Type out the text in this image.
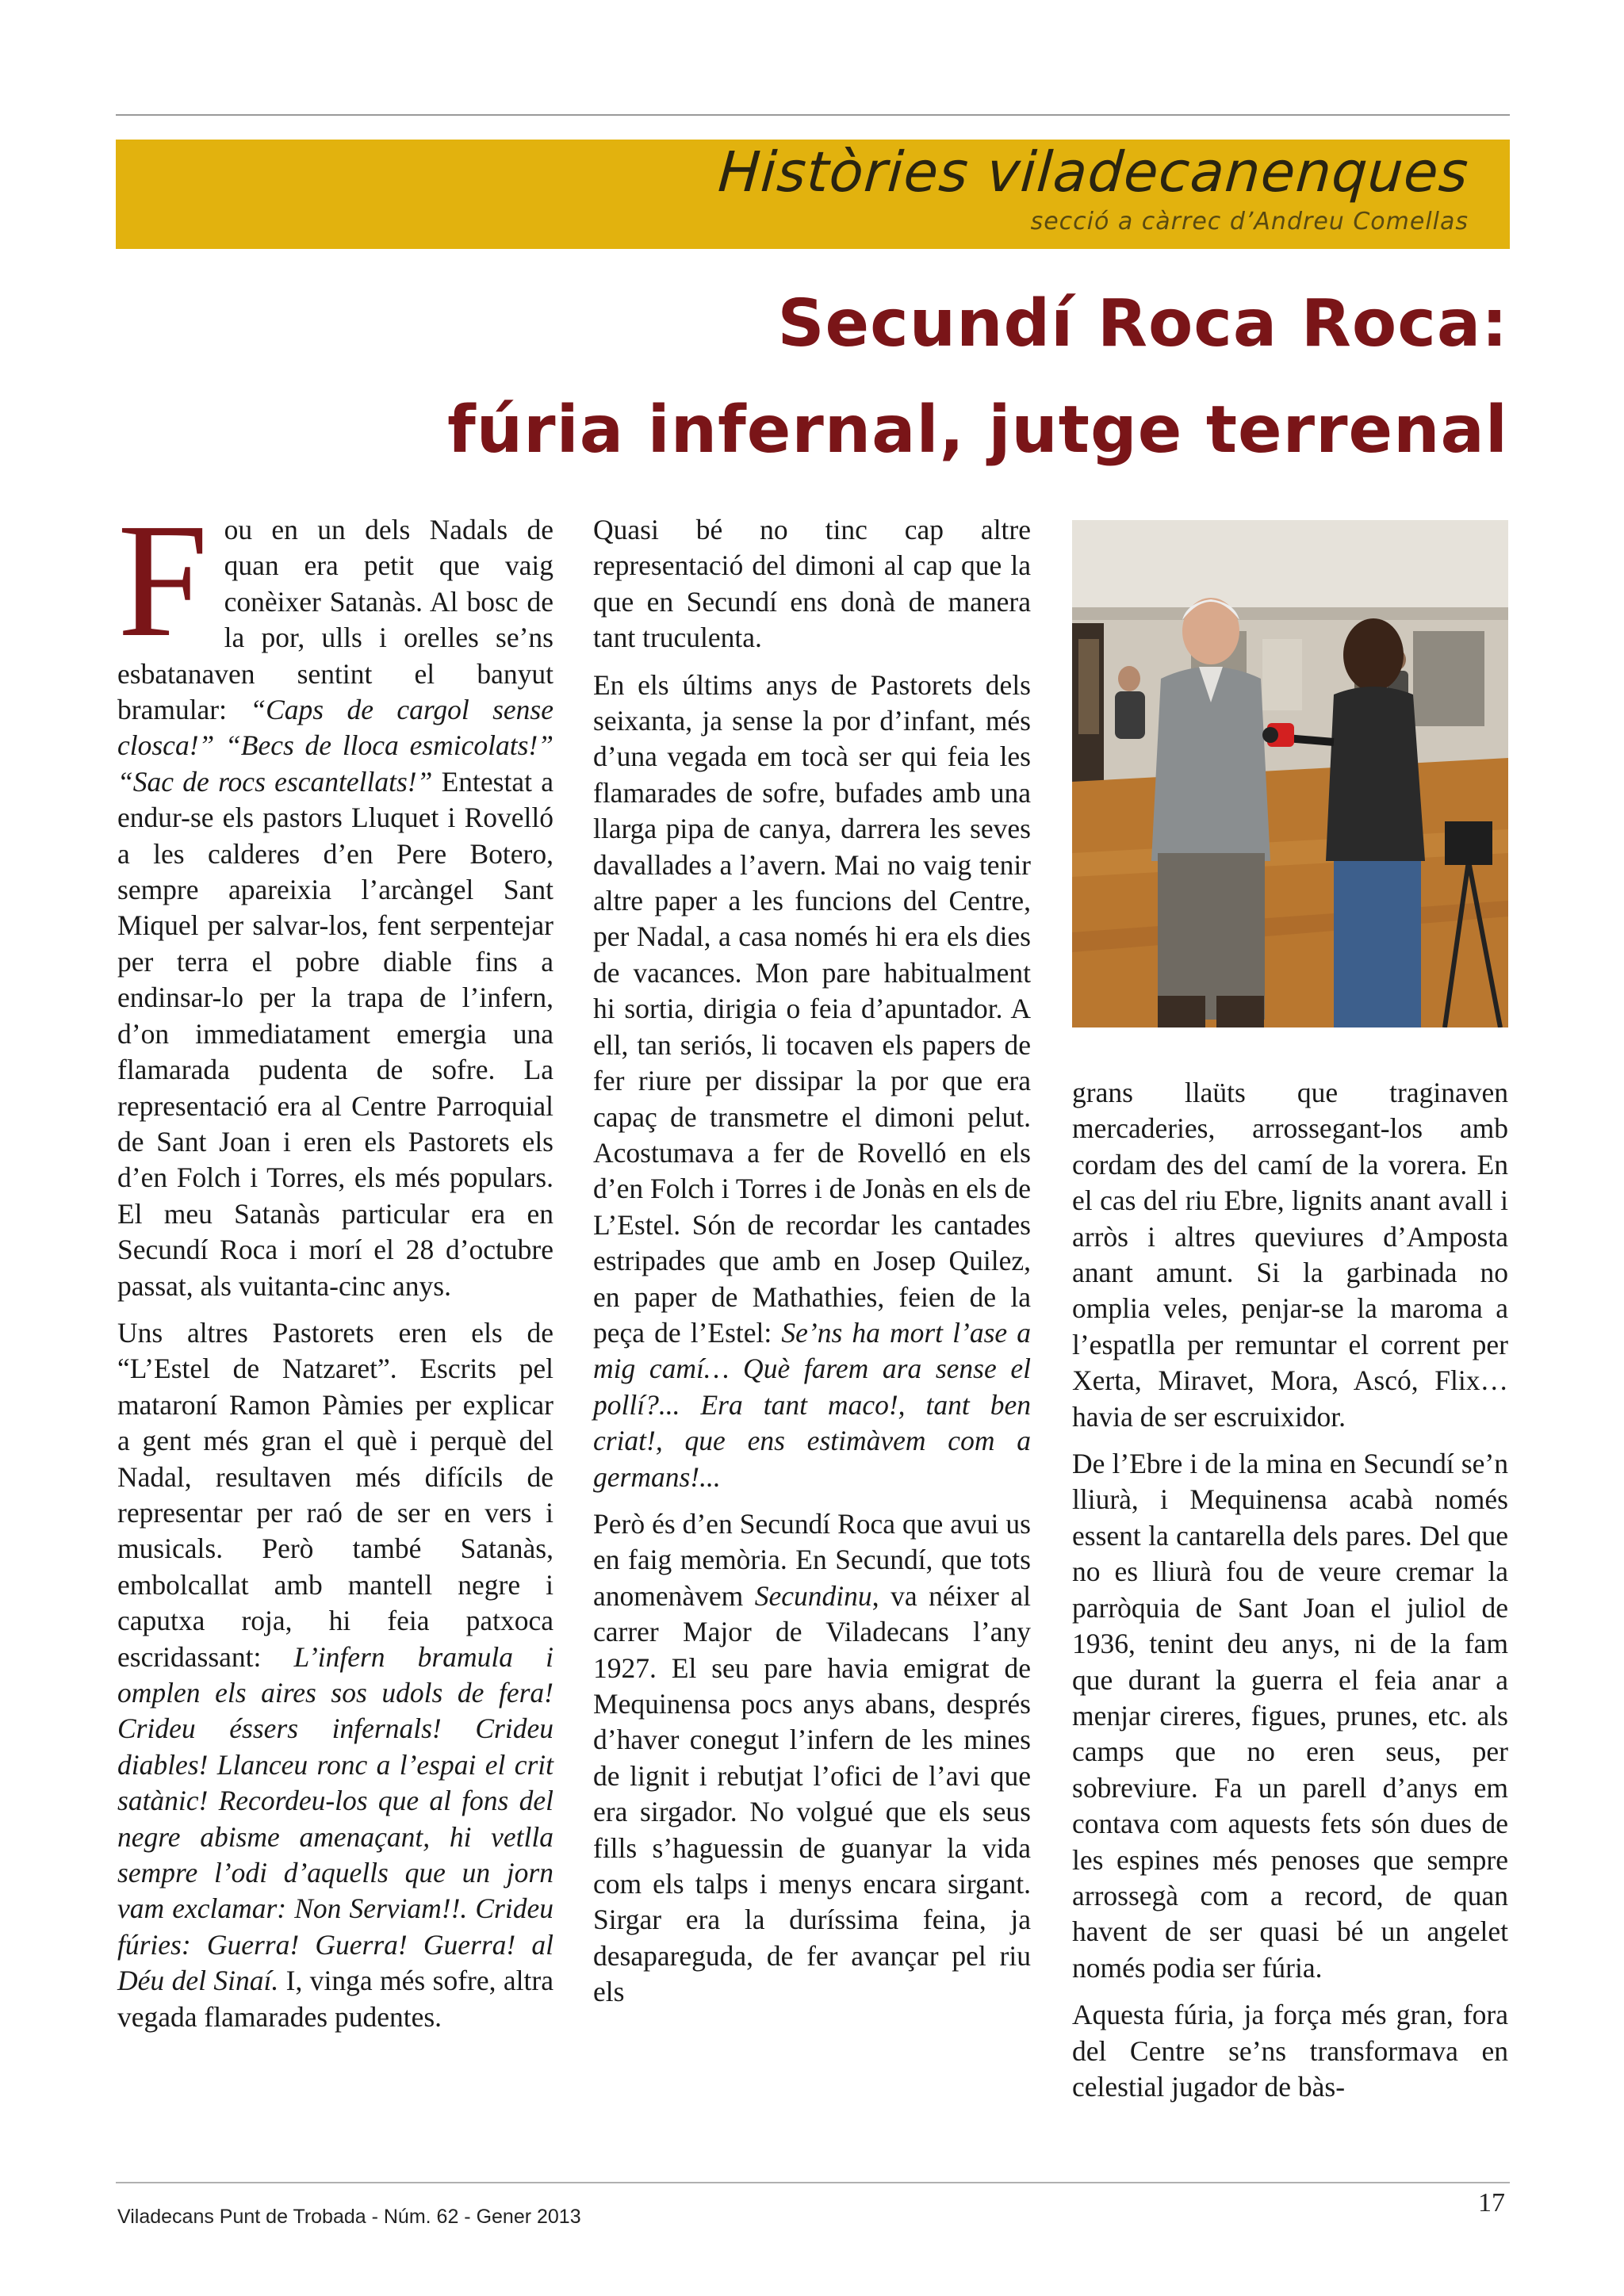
Històries viladecanenques
secció a càrrec d’Andreu Comellas
Secundí Roca Roca:
fúria infernal, jutge terrenal

Fou en un dels Nadals de quan era petit que vaig conèixer Satanàs. Al bosc de la por, ulls i orelles se’ns esbatanaven sentint el banyut bramular: “Caps de cargol sense closca!” “Becs de lloca esmicolats!” “Sac de rocs escantellats!” Entestat a endur-se els pastors Lluquet i Rovelló a les calderes d’en Pere Botero, sempre apareixia l’arcàngel Sant Miquel per salvar-los, fent serpentejar per terra el pobre diable fins a endinsar-lo per la trapa de l’infern, d’on immediatament emergia una flamarada pudenta de sofre. La representació era al Centre Parroquial de Sant Joan i eren els Pastorets els d’en Folch i Torres, els més populars. El meu Satanàs particular era en Secundí Roca i morí el 28 d’octubre passat, als vuitanta-cinc anys.

Uns altres Pastorets eren els de “L’Estel de Natzaret”. Escrits pel mataroní Ramon Pàmies per explicar a gent més gran el què i perquè del Nadal, resultaven més difícils de representar per raó de ser en vers i musicals. Però també Satanàs, embolcallat amb mantell negre i caputxa roja, hi feia patxoca escridassant: L’infern bramula i omplen els aires sos udols de fera! Crideu éssers infernals! Crideu diables! Llanceu ronc a l’espai el crit satànic! Recordeu-los que al fons del negre abisme amenaçant, hi vetlla sempre l’odi d’aquells que un jorn vam exclamar: Non Serviam!!. Crideu fúries: Guerra! Guerra! Guerra! al Déu del Sinaí. I, vinga més sofre, altra vegada flamarades pudentes.

Quasi bé no tinc cap altre representació del dimoni al cap que la que en Secundí ens donà de manera tant truculenta.

En els últims anys de Pastorets dels seixanta, ja sense la por d’infant, més d’una vegada em tocà ser qui feia les flamarades de sofre, bufades amb una llarga pipa de canya, darrera les seves davallades a l’avern. Mai no vaig tenir altre paper a les funcions del Centre, per Nadal, a casa només hi era els dies de vacances. Mon pare habitualment hi sortia, dirigia o feia d’apuntador. A ell, tan seriós, li tocaven els papers de fer riure per dissipar la por que era capaç de transmetre el dimoni pelut. Acostumava a fer de Rovelló en els d’en Folch i Torres i de Jonàs en els de L’Estel. Són de recordar les cantades estripades que amb en Josep Quilez, en paper de Mathathies, feien de la peça de l’Estel: Se’ns ha mort l’ase a mig camí… Què farem ara sense el pollí?... Era tant maco!, tant ben criat!, que ens estimàvem com a germans!...

Però és d’en Secundí Roca que avui us en faig memòria. En Secundí, que tots anomenàvem Secundinu, va néixer al carrer Major de Viladecans l’any 1927. El seu pare havia emigrat de Mequinensa pocs anys abans, després d’haver conegut l’infern de les mines de lignit i rebutjat l’ofici de l’avi que era sirgador. No volgué que els seus fills s’haguessin de guanyar la vida com els talps i menys encara sirgant. Sirgar era la duríssima feina, ja desapareguda, de fer avançar pel riu els

grans llaüts que traginaven mercaderies, arrossegant-los amb cordam des del camí de la vorera. En el cas del riu Ebre, lignits anant avall i arròs i altres queviures d’Amposta anant amunt. Si la garbinada no omplia veles, penjar-se la maroma a l’espatlla per remuntar el corrent per Xerta, Miravet, Mora, Ascó, Flix… havia de ser escruixidor.

De l’Ebre i de la mina en Secundí se’n lliurà, i Mequinensa acabà només essent la cantarella dels pares. Del que no es lliurà fou de veure cremar la parròquia de Sant Joan el juliol de 1936, tenint deu anys, ni de la fam que durant la guerra el feia anar a menjar cireres, figues, prunes, etc. als camps que no eren seus, per sobreviure. Fa un parell d’anys em contava com aquests fets són dues de les espines més penoses que sempre arrossegà com a record, de quan havent de ser quasi bé un angelet només podia ser fúria.

Aquesta fúria, ja força més gran, fora del Centre se’ns transformava en celestial jugador de bàs-

Viladecans Punt de Trobada - Núm. 62 - Gener 2013	17
